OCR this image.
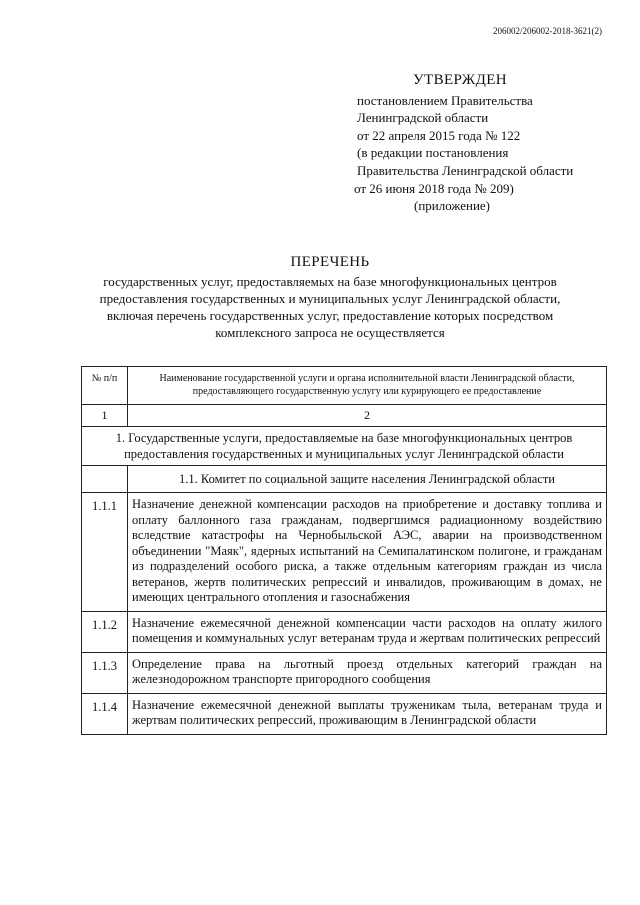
206002/206002-2018-3621(2)
УТВЕРЖДЕН
постановлением Правительства
Ленинградской области
от 22 апреля 2015 года № 122
(в редакции постановления
Правительства Ленинградской области
от 26 июня 2018 года № 209)
(приложение)
ПЕРЕЧЕНЬ
государственных услуг, предоставляемых на базе многофункциональных центров
предоставления государственных и муниципальных услуг Ленинградской области,
включая перечень государственных услуг, предоставление которых посредством
комплексного запроса не осуществляется
№ п/п	Наименование государственной услуги и органа исполнительной власти Ленинградской области, предоставляющего государственную услугу или курирующего ее предоставление
1	2
1. Государственные услуги, предоставляемые на базе многофункциональных центров предоставления государственных и муниципальных услуг Ленинградской области	
	1.1. Комитет по социальной защите населения Ленинградской области
1.1.1	Назначение денежной компенсации расходов на приобретение и доставку топлива и оплату баллонного газа гражданам, подвергшимся радиационному воздействию вследствие катастрофы на Чернобыльской АЭС, аварии на производственном объединении "Маяк", ядерных испытаний на Семипалатинском полигоне, и гражданам из подразделений особого риска, а также отдельным категориям граждан из числа ветеранов, жертв политических репрессий и инвалидов, проживающим в домах, не имеющих центрального отопления и газоснабжения
1.1.2	Назначение ежемесячной денежной компенсации части расходов на оплату жилого помещения и коммунальных услуг ветеранам труда и жертвам политических репрессий
1.1.3	Определение права на льготный проезд отдельных категорий граждан на железнодорожном транспорте пригородного сообщения
1.1.4	Назначение ежемесячной денежной выплаты труженикам тыла, ветеранам труда и жертвам политических репрессий, проживающим в Ленинградской области
